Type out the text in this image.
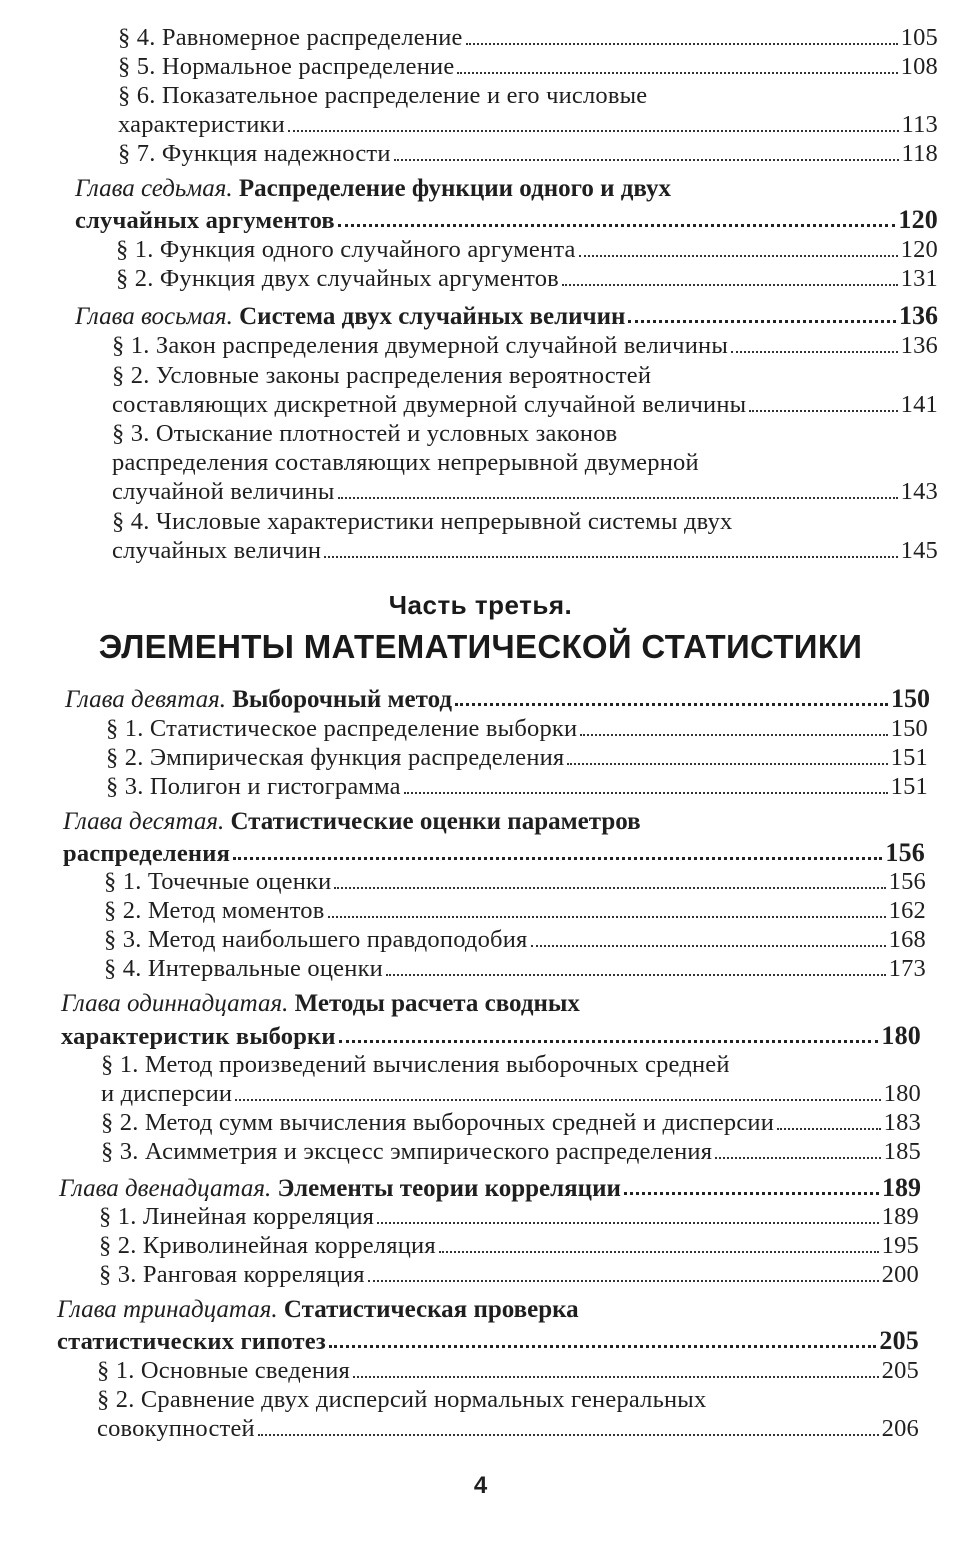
§ 4. Равномерное распределение	105
§ 5. Нормальное распределение	108
§ 6. Показательное распределение и его числовые
характеристики	113
§ 7. Функция надежности	118
Глава седьмая. Распределение функции одного и двух
случайных аргументов	120
§ 1. Функция одного случайного аргумента	120
§ 2. Функция двух случайных аргументов	131
Глава восьмая. Система двух случайных величин	136
§ 1. Закон распределения двумерной случайной величины	136
§ 2. Условные законы распределения вероятностей
составляющих дискретной двумерной случайной величины	141
§ 3. Отыскание плотностей и условных законов
распределения составляющих непрерывной двумерной
случайной величины	143
§ 4. Числовые характеристики непрерывной системы двух
случайных величин	145
Часть третья.
ЭЛЕМЕНТЫ МАТЕМАТИЧЕСКОЙ СТАТИСТИКИ
Глава девятая. Выборочный метод	150
§ 1. Статистическое распределение выборки	150
§ 2. Эмпирическая функция распределения	151
§ 3. Полигон и гистограмма	151
Глава десятая. Статистические оценки параметров
распределения	156
§ 1. Точечные оценки	156
§ 2. Метод моментов	162
§ 3. Метод наибольшего правдоподобия	168
§ 4. Интервальные оценки	173
Глава одиннадцатая. Методы расчета сводных
характеристик выборки	180
§ 1. Метод произведений вычисления выборочных средней
и дисперсии	180
§ 2. Метод сумм вычисления выборочных средней и дисперсии	183
§ 3. Асимметрия и эксцесс эмпирического распределения	185
Глава двенадцатая. Элементы теории корреляции	189
§ 1. Линейная корреляция	189
§ 2. Криволинейная корреляция	195
§ 3. Ранговая корреляция	200
Глава тринадцатая. Статистическая проверка
статистических гипотез	205
§ 1. Основные сведения	205
§ 2. Сравнение двух дисперсий нормальных генеральных
совокупностей	206
4
